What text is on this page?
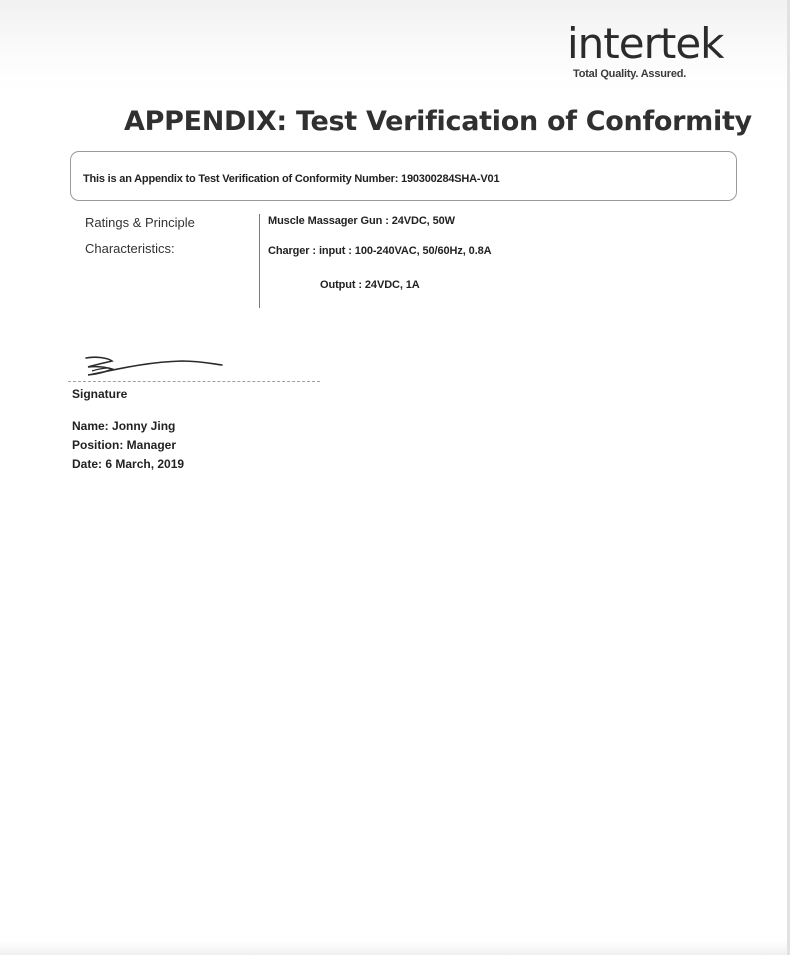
intertek
Total Quality. Assured.
APPENDIX: Test Verification of Conformity
This is an Appendix to Test Verification of Conformity Number: 190300284SHA-V01
Ratings & Principle
Characteristics:
Muscle Massager Gun : 24VDC, 50W
Charger : input : 100-240VAC, 50/60Hz, 0.8A
Output : 24VDC, 1A
Signature
Name: Jonny Jing
Position: Manager
Date: 6 March, 2019
